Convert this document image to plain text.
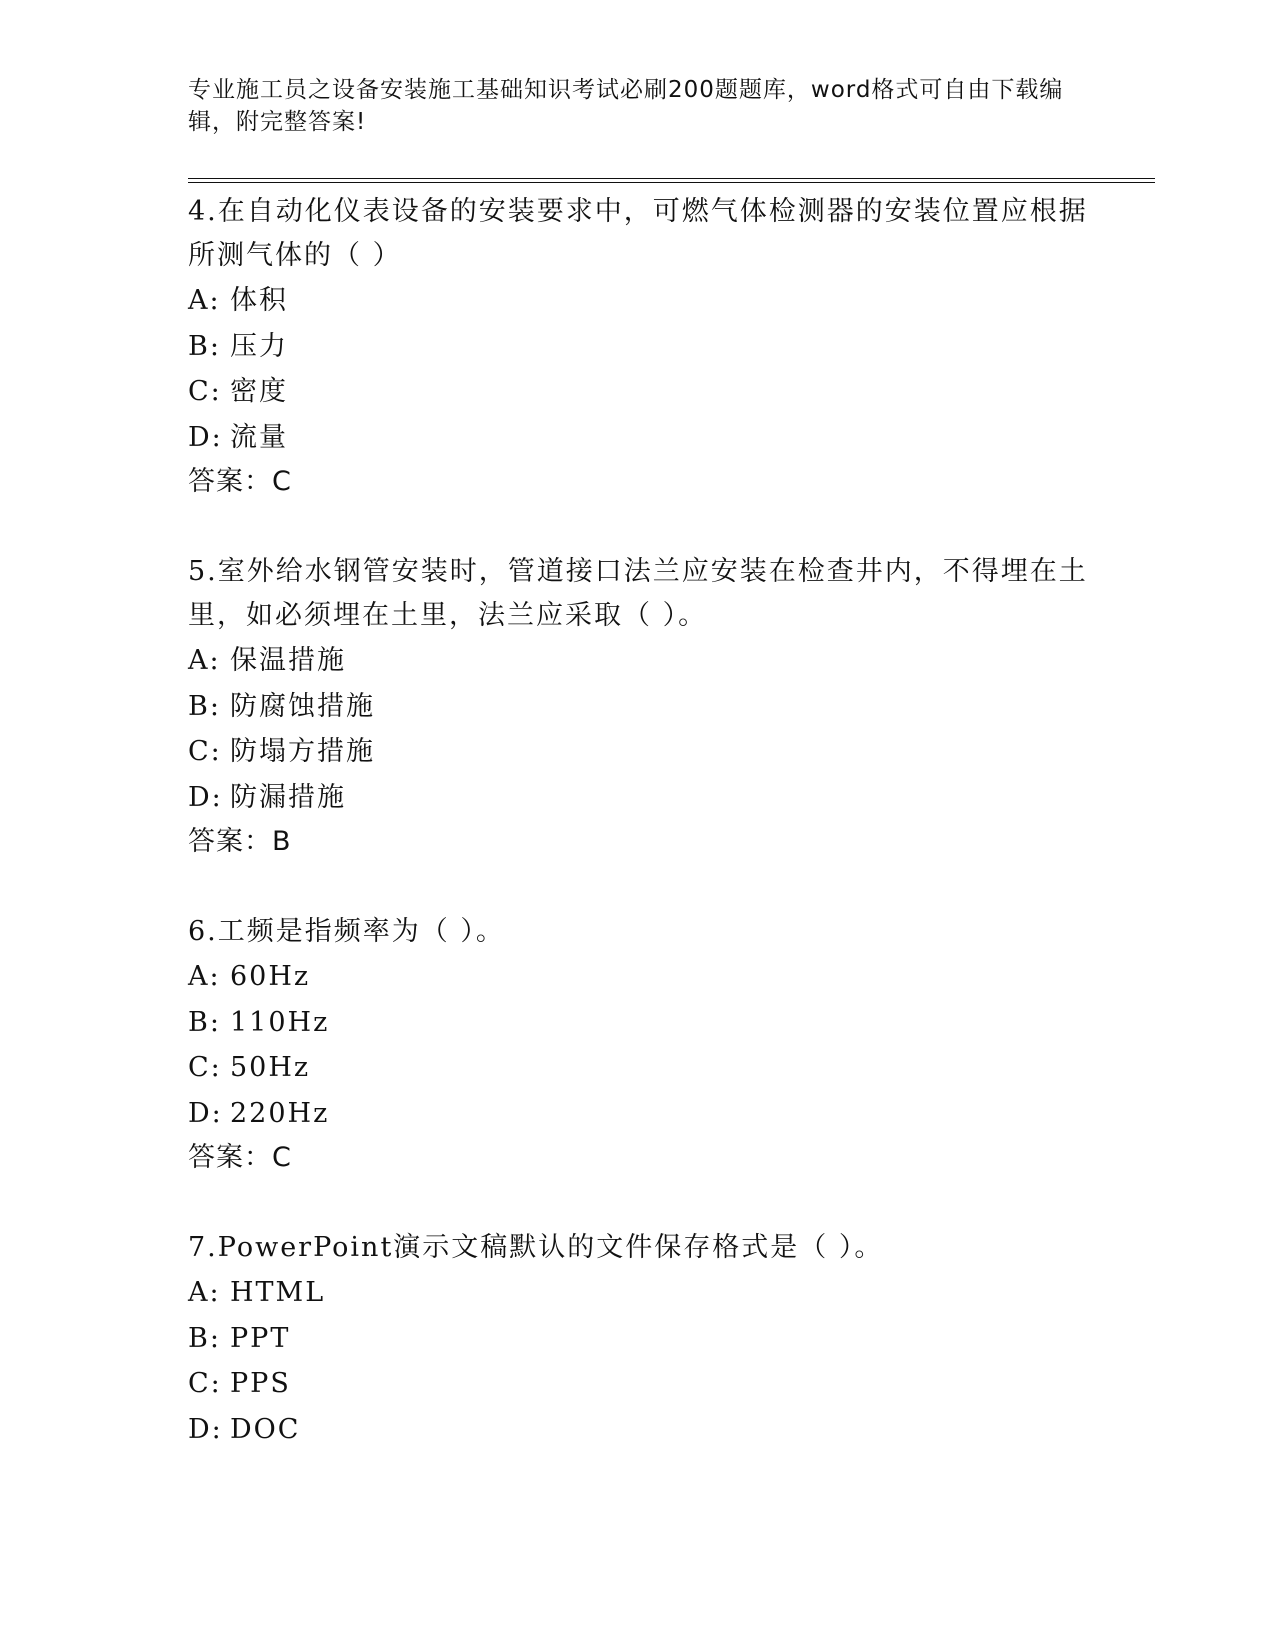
专业施工员之设备安装施工基础知识考试必刷200题题库，word格式可自由下载编辑，附完整答案!

4.在自动化仪表设备的安装要求中，可燃气体检测器的安装位置应根据所测气体的（ ）

A: 体积
B: 压力
C: 密度
D: 流量
答案：C

5.室外给水钢管安装时，管道接口法兰应安装在检查井内，不得埋在土里，如必须埋在土里，法兰应采取（ ）。

A: 保温措施
B: 防腐蚀措施
C: 防塌方措施
D: 防漏措施
答案：B

6.工频是指频率为（ ）。

A: 60Hz
B: 110Hz
C: 50Hz
D: 220Hz
答案：C

7.PowerPoint演示文稿默认的文件保存格式是（ ）。

A: HTML
B: PPT
C: PPS
D: DOC
